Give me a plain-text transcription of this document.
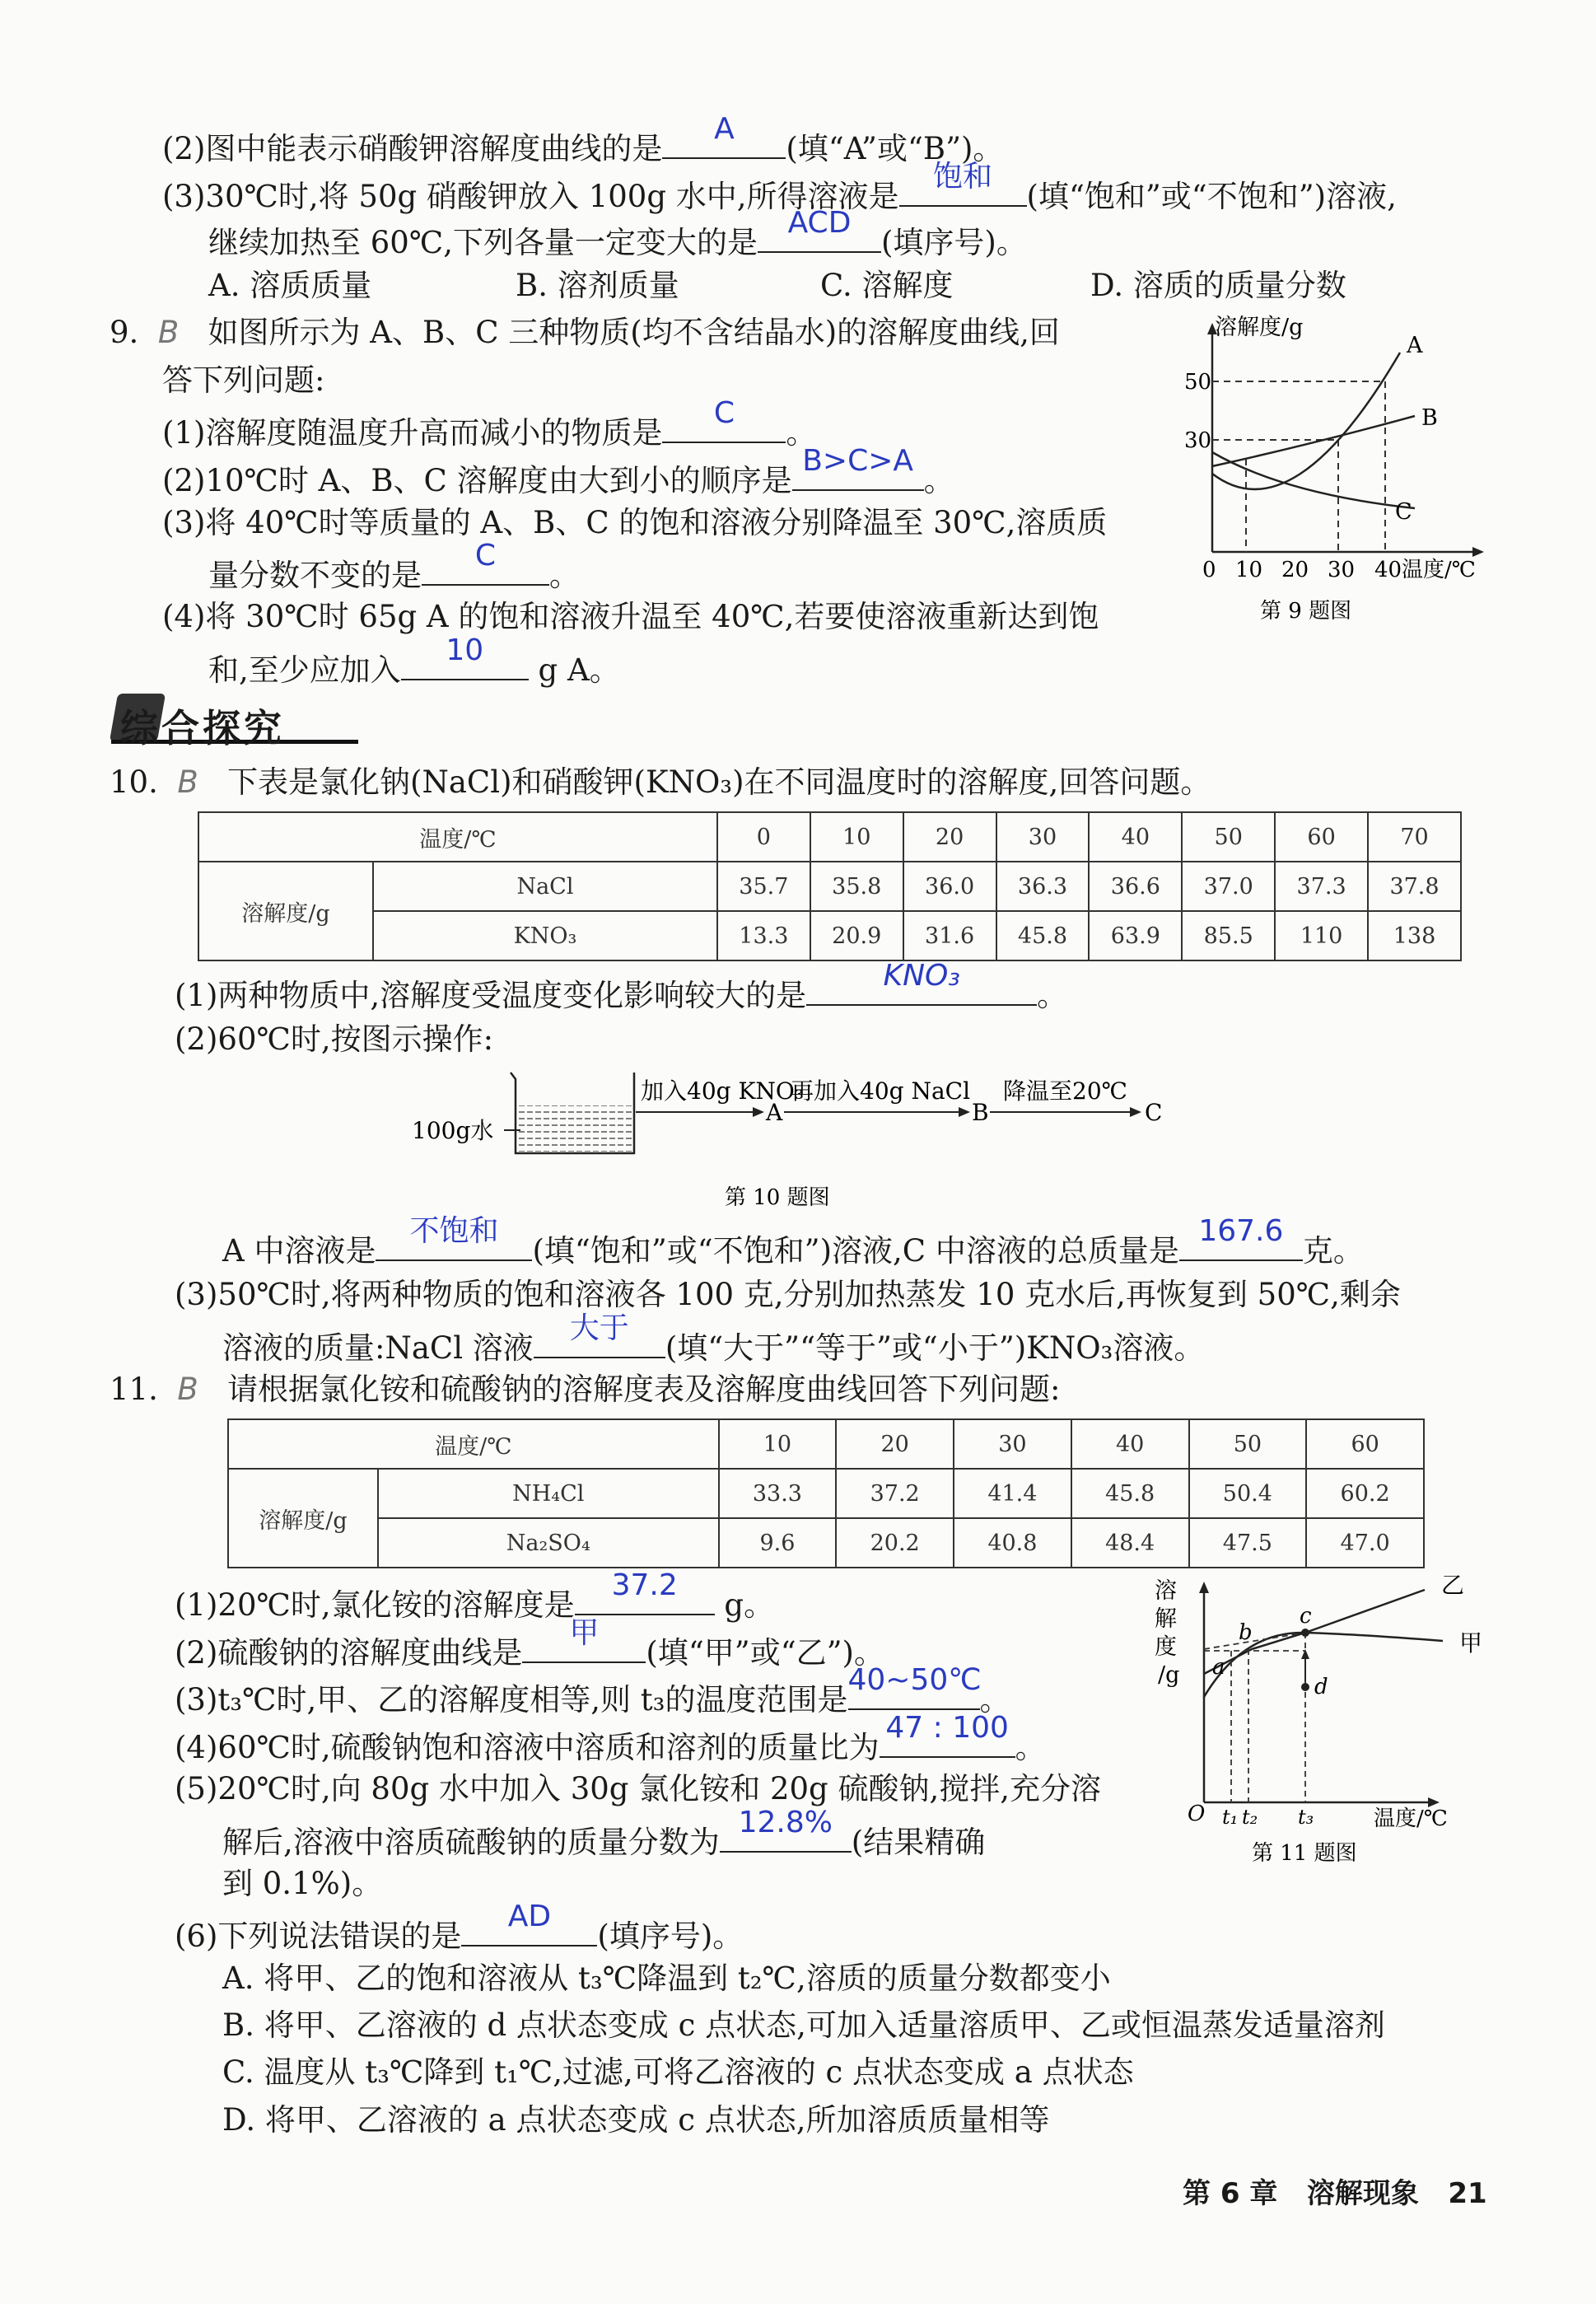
(2)图中能表示硝酸钾溶解度曲线的是
A
(填“A”或“B”)。
(3)30℃时,将 50g 硝酸钾放入 100g 水中,所得溶液是
饱和
(填“饱和”或“不饱和”)溶液,
继续加热至 60℃,下列各量一定变大的是
ACD
(填序号)。
A. 溶质质量	B. 溶剂质量	C. 溶解度	D. 溶质的质量分数
9. B 如图所示为 A、B、C 三种物质(均不含结晶水)的溶解度曲线,回
答下列问题:
(1)溶解度随温度升高而减小的物质是
C
。
(2)10℃时 A、B、C 溶解度由大到小的顺序是
B>C>A
。
(3)将 40℃时等质量的 A、B、C 的饱和溶液分别降温至 30℃,溶质质
量分数不变的是
C
。
(4)将 30℃时 65g A 的饱和溶液升温至 40℃,若要使溶液重新达到饱
和,至少应加入
10
g A。
溶解度/g
A
B
C
50
30
0 10 20 30 40 温度/℃
第 9 题图
综合探究
10. B 下表是氯化钠(NaCl)和硝酸钾(KNO₃)在不同温度时的溶解度,回答问题。
温度/℃		0	10	20	30	40	50	60	70
溶解度/g	NaCl	35.7	35.8	36.0	36.3	36.6	37.0	37.3	37.8
	KNO₃	13.3	20.9	31.6	45.8	63.9	85.5	110	138
(1)两种物质中,溶解度受温度变化影响较大的是
KNO₃
。
(2)60℃时,按图示操作:
100g水
加入40g KNO₃
A
再加入40g NaCl
B
降温至20℃
C
第 10 题图
A 中溶液是
不饱和
(填“饱和”或“不饱和”)溶液,C 中溶液的总质量是
167.6
克。
(3)50℃时,将两种物质的饱和溶液各 100 克,分别加热蒸发 10 克水后,再恢复到 50℃,剩余
溶液的质量:NaCl 溶液
大于
(填“大于”“等于”或“小于”)KNO₃溶液。
11. B 请根据氯化铵和硫酸钠的溶解度表及溶解度曲线回答下列问题:
温度/℃		10	20	30	40	50	60
溶解度/g	NH₄Cl	33.3	37.2	41.4	45.8	50.4	60.2
	Na₂SO₄	9.6	20.2	40.8	48.4	47.5	47.0
(1)20℃时,氯化铵的溶解度是
37.2
g。
(2)硫酸钠的溶解度曲线是
甲
(填“甲”或“乙”)。
(3)t₃℃时,甲、乙的溶解度相等,则 t₃的温度范围是
40~50℃
。
(4)60℃时,硫酸钠饱和溶液中溶质和溶剂的质量比为
47 : 100
。
(5)20℃时,向 80g 水中加入 30g 氯化铵和 20g 硫酸钠,搅拌,充分溶
解后,溶液中溶质硫酸钠的质量分数为
12.8%
(结果精确
到 0.1%)。
(6)下列说法错误的是
AD
(填序号)。
A. 将甲、乙的饱和溶液从 t₃℃降温到 t₂℃,溶质的质量分数都变小
B. 将甲、乙溶液的 d 点状态变成 c 点状态,可加入适量溶质甲、乙或恒温蒸发适量溶剂
C. 温度从 t₃℃降到 t₁℃,过滤,可将乙溶液的 c 点状态变成 a 点状态
D. 将甲、乙溶液的 a 点状态变成 c 点状态,所加溶质质量相等
溶
解
度
/g a
b
c
d
乙
甲
O t₁ t₂ t₃	温度/℃
第 11 题图
第 6 章 溶解现象 21
